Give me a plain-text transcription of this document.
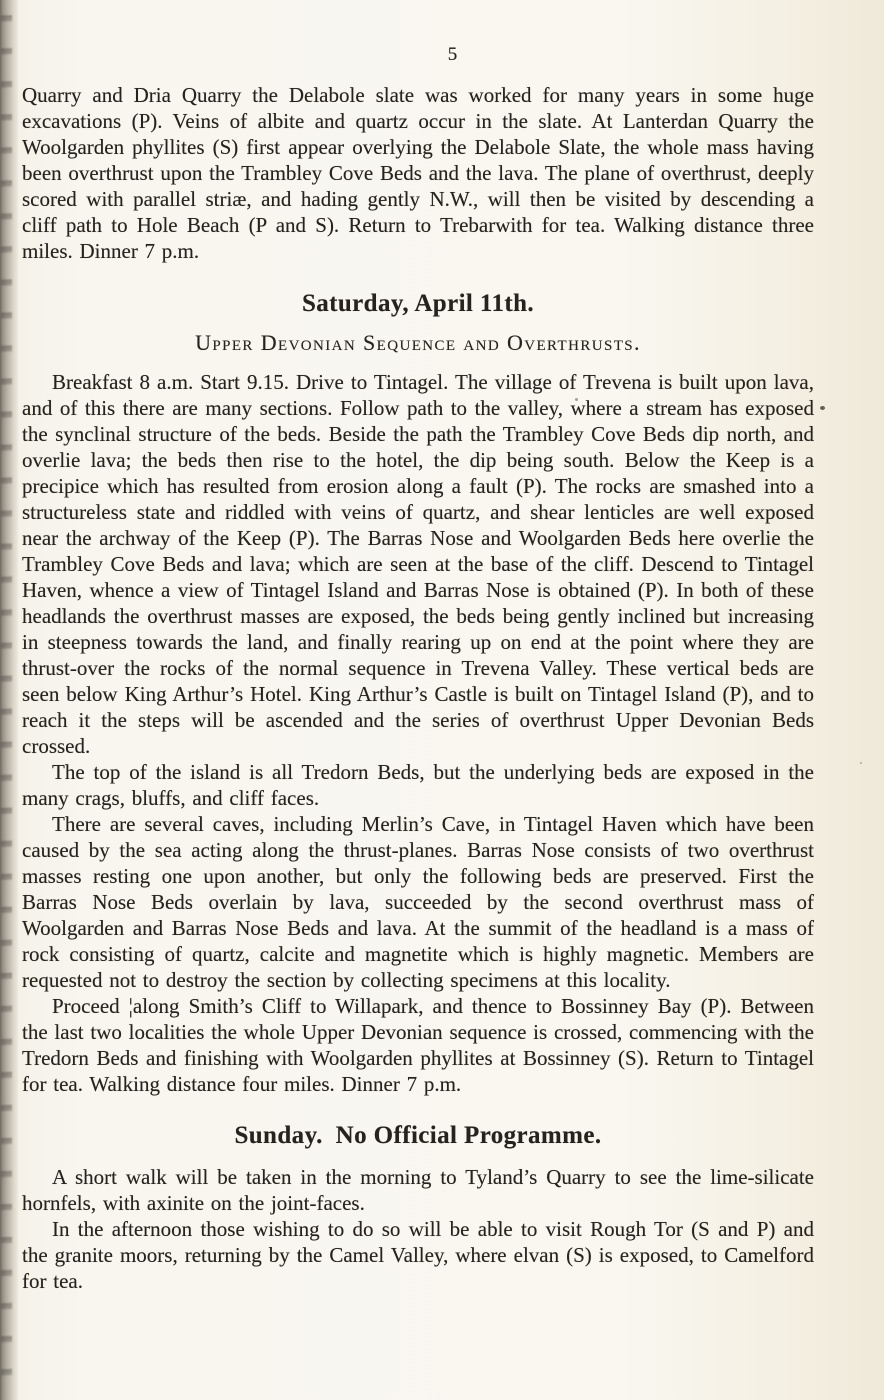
5

Quarry and Dria Quarry the Delabole slate was worked for many years in some huge excavations (P). Veins of albite and quartz occur in the slate. At Lanterdan Quarry the Woolgarden phyllites (S) first appear overlying the Delabole Slate, the whole mass having been overthrust upon the Trambley Cove Beds and the lava. The plane of overthrust, deeply scored with parallel striæ, and hading gently N.W., will then be visited by descending a cliff path to Hole Beach (P and S). Return to Trebarwith for tea. Walking distance three miles. Dinner 7 p.m.

Saturday, April 11th.
Upper Devonian Sequence and Overthrusts.

Breakfast 8 a.m. Start 9.15. Drive to Tintagel. The village of Trevena is built upon lava, and of this there are many sections. Follow path to the valley, where a stream has exposed the synclinal structure of the beds. Beside the path the Trambley Cove Beds dip north, and overlie lava; the beds then rise to the hotel, the dip being south. Below the Keep is a precipice which has resulted from erosion along a fault (P). The rocks are smashed into a structureless state and riddled with veins of quartz, and shear lenticles are well exposed near the archway of the Keep (P). The Barras Nose and Woolgarden Beds here overlie the Trambley Cove Beds and lava; which are seen at the base of the cliff. Descend to Tintagel Haven, whence a view of Tintagel Island and Barras Nose is obtained (P). In both of these headlands the overthrust masses are exposed, the beds being gently inclined but increasing in steepness towards the land, and finally rearing up on end at the point where they are thrust-over the rocks of the normal sequence in Trevena Valley. These vertical beds are seen below King Arthur’s Hotel. King Arthur’s Castle is built on Tintagel Island (P), and to reach it the steps will be ascended and the series of overthrust Upper Devonian Beds crossed.

The top of the island is all Tredorn Beds, but the underlying beds are exposed in the many crags, bluffs, and cliff faces.

There are several caves, including Merlin’s Cave, in Tintagel Haven which have been caused by the sea acting along the thrust-planes. Barras Nose consists of two overthrust masses resting one upon another, but only the following beds are preserved. First the Barras Nose Beds overlain by lava, succeeded by the second overthrust mass of Woolgarden and Barras Nose Beds and lava. At the summit of the headland is a mass of rock consisting of quartz, calcite and magnetite which is highly magnetic. Members are requested not to destroy the section by collecting specimens at this locality.

Proceed ¦along Smith’s Cliff to Willapark, and thence to Bossinney Bay (P). Between the last two localities the whole Upper Devonian sequence is crossed, commencing with the Tredorn Beds and finishing with Woolgarden phyllites at Bossinney (S). Return to Tintagel for tea. Walking distance four miles. Dinner 7 p.m.

Sunday. No Official Programme.

A short walk will be taken in the morning to Tyland’s Quarry to see the lime-silicate hornfels, with axinite on the joint-faces.

In the afternoon those wishing to do so will be able to visit Rough Tor (S and P) and the granite moors, returning by the Camel Valley, where elvan (S) is exposed, to Camelford for tea.
